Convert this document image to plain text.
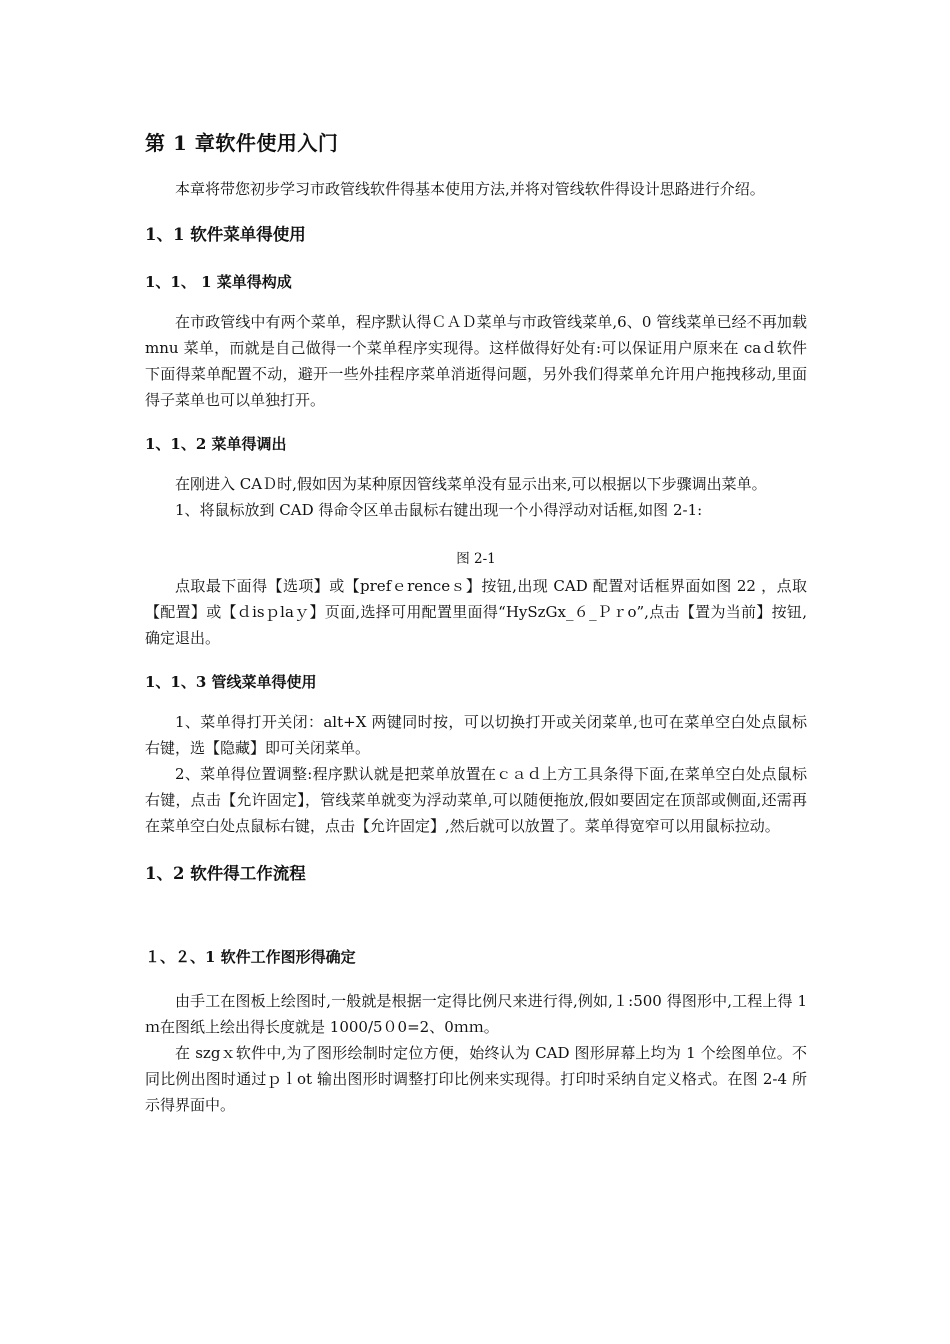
第 1 章软件使用入门

本章将带您初步学习市政管线软件得基本使用方法,并将对管线软件得设计思路进行介绍。

1、1 软件菜单得使用
1、1、 1 菜单得构成

在市政管线中有两个菜单，程序默认得ＣＡＤ菜单与市政管线菜单,6、0 管线菜单已经不再加载 mnu 菜单，而就是自己做得一个菜单程序实现得。这样做得好处有:可以保证用户原来在 caｄ软件下面得菜单配置不动，避开一些外挂程序菜单消逝得问题，另外我们得菜单允许用户拖拽移动,里面得子菜单也可以单独打开。

1、1、2 菜单得调出

在刚进入 CAＤ时,假如因为某种原因管线菜单没有显示出来,可以根据以下步骤调出菜单。

1、将鼠标放到 CAD 得命令区单击鼠标右键出现一个小得浮动对话框,如图 2-1:

图 2-1

点取最下面得【选项】或【prefｅrenceｓ】按钮,出现 CAD 配置对话框界面如图 22 ，点取【配置】或【ｄisｐlaｙ】页面,选择可用配置里面得“HySzGx_６_Ｐｒo”,点击【置为当前】按钮,确定退出。

1、1、3 管线菜单得使用

1、菜单得打开关闭：alt+X 两键同时按，可以切换打开或关闭菜单,也可在菜单空白处点鼠标右键，选【隐藏】即可关闭菜单。

2、菜单得位置调整:程序默认就是把菜单放置在ｃａｄ上方工具条得下面,在菜单空白处点鼠标右键，点击【允许固定】，管线菜单就变为浮动菜单,可以随便拖放,假如要固定在顶部或侧面,还需再在菜单空白处点鼠标右键，点击【允许固定】,然后就可以放置了。菜单得宽窄可以用鼠标拉动。

1、2 软件得工作流程
１、２、1 软件工作图形得确定

由手工在图板上绘图时,一般就是根据一定得比例尺来进行得,例如,１:500 得图形中,工程上得 1ｍ在图纸上绘出得长度就是 1000/5０0=2、0ｍｍ。

在 szgｘ软件中,为了图形绘制时定位方便，始终认为 CAD 图形屏幕上均为 1 个绘图单位。不同比例出图时通过ｐｌot 输出图形时调整打印比例来实现得。打印时采纳自定义格式。在图 2-4 所示得界面中。
